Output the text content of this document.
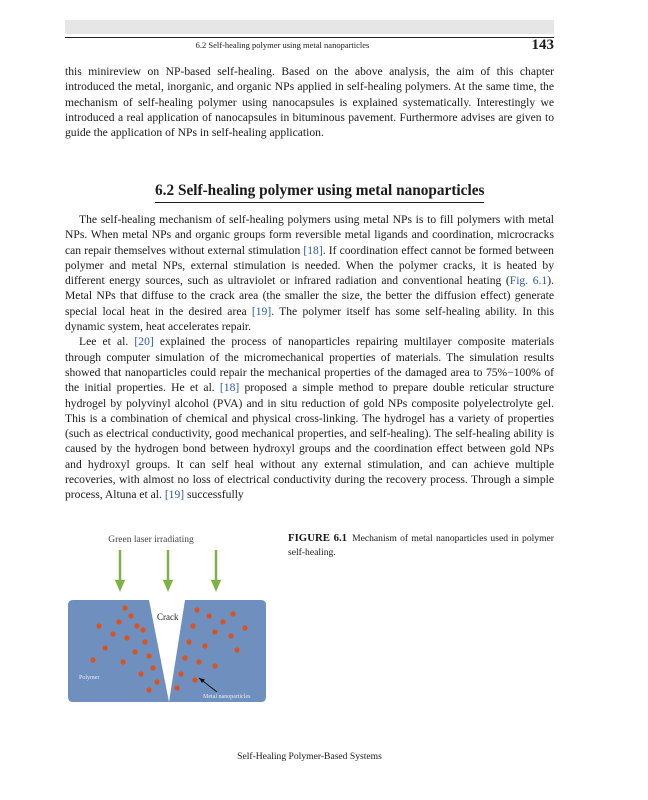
6.2 Self-healing polymer using metal nanoparticles	143

this minireview on NP-based self-healing. Based on the above analysis, the aim of this chapter introduced the metal, inorganic, and organic NPs applied in self-healing polymers. At the same time, the mechanism of self-healing polymer using nanocapsules is explained systematically. Interestingly we introduced a real application of nanocapsules in bituminous pavement. Furthermore advises are given to guide the application of NPs in self-healing application.

6.2 Self-healing polymer using metal nanoparticles

The self-healing mechanism of self-healing polymers using metal NPs is to fill polymers with metal NPs. When metal NPs and organic groups form reversible metal ligands and coordination, microcracks can repair themselves without external stimulation [18]. If coordination effect cannot be formed between polymer and metal NPs, external stimulation is needed. When the polymer cracks, it is heated by different energy sources, such as ultraviolet or infrared radiation and conventional heating (Fig. 6.1). Metal NPs that diffuse to the crack area (the smaller the size, the better the diffusion effect) generate special local heat in the desired area [19]. The polymer itself has some self-healing ability. In this dynamic system, heat accelerates repair.

Lee et al. [20] explained the process of nanoparticles repairing multilayer composite materials through computer simulation of the micromechanical properties of materials. The simulation results showed that nanoparticles could repair the mechanical properties of the damaged area to 75%−100% of the initial properties. He et al. [18] proposed a simple method to prepare double reticular structure hydrogel by polyvinyl alcohol (PVA) and in situ reduction of gold NPs composite polyelectrolyte gel. This is a combination of chemical and physical cross-linking. The hydrogel has a variety of properties (such as electrical conductivity, good mechanical properties, and self-healing). The self-healing ability is caused by the hydrogen bond between hydroxyl groups and the coordination effect between gold NPs and hydroxyl groups. It can self heal without any external stimulation, and can achieve multiple recoveries, with almost no loss of electrical conductivity during the recovery process. Through a simple process, Altuna et al. [19] successfully

Green laser irradiating
Crack
Polymer
Metal nanoparticles
FIGURE 6.1 Mechanism of metal nanoparticles used in polymer self-healing.
Self-Healing Polymer-Based Systems
